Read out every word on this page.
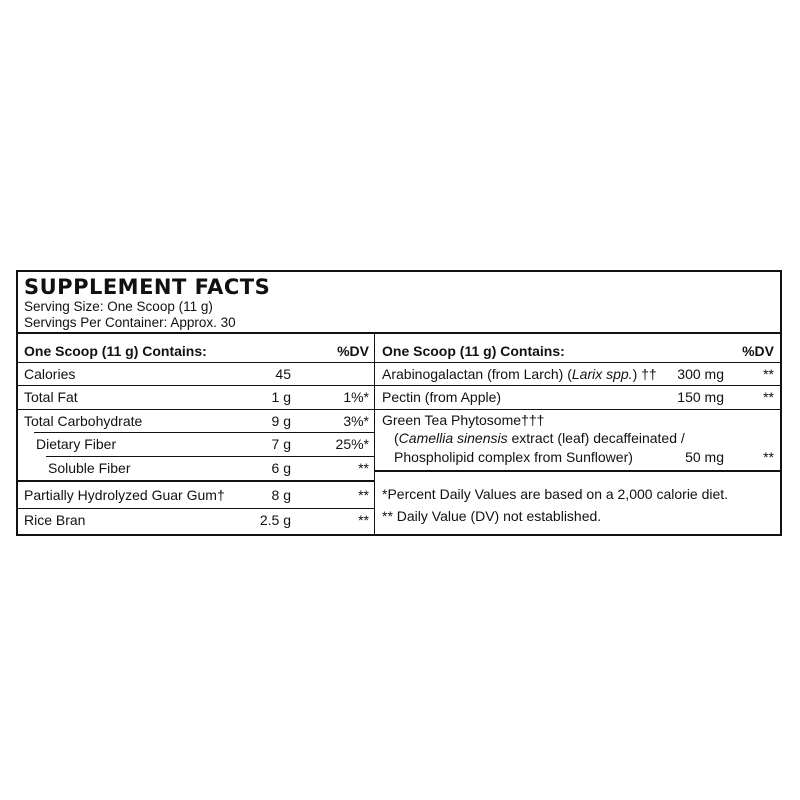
SUPPLEMENT FACTS
Serving Size: One Scoop (11 g)
Servings Per Container: Approx. 30
One Scoop (11 g) Contains:	%DV
Calories	45
Total Fat	1 g	1%*
Total Carbohydrate	9 g	3%*
Dietary Fiber	7 g	25%*
Soluble Fiber	6 g	**
Partially Hydrolyzed Guar Gum†	8 g	**
Rice Bran	2.5 g	**
One Scoop (11 g) Contains:	%DV
Arabinogalactan (from Larch) (Larix spp.) †† 300 mg	**
Pectin (from Apple)	150 mg	**
Green Tea Phytosome†††
(Camellia sinensis extract (leaf) decaffeinated /
Phospholipid complex from Sunflower)	50 mg	**
*Percent Daily Values are based on a 2,000 calorie diet.
** Daily Value (DV) not established.
